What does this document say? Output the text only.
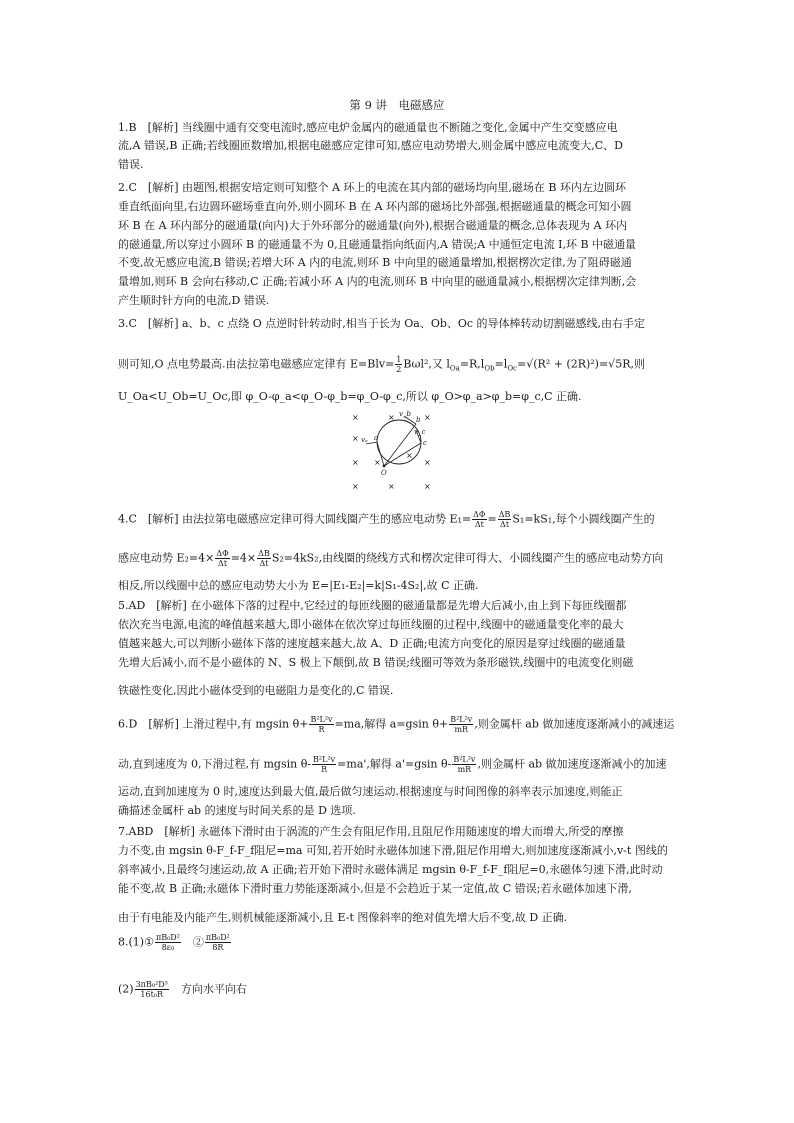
第 9 讲　电磁感应
1.B　[解析] 当线圈中通有交变电流时,感应电炉金属内的磁通量也不断随之变化,金属中产生交变感应电
流,A 错误,B 正确;若线圈匝数增加,根据电磁感应定律可知,感应电动势增大,则金属中感应电流变大,C、D
错误.
2.C　[解析] 由题图,根据安培定则可知整个 A 环上的电流在其内部的磁场均向里,磁场在 B 环内左边圆环
垂直纸面向里,右边圆环磁场垂直向外,则小圆环 B 在 A 环内部的磁场比外部强,根据磁通量的概念可知小圆
环 B 在 A 环内部分的磁通量(向内)大于外环部分的磁通量(向外),根据合磁通量的概念,总体表现为 A 环内
的磁通量,所以穿过小圆环 B 的磁通量不为 0,且磁通量指向纸面内,A 错误;A 中通恒定电流 I,环 B 中磁通量
不变,故无感应电流,B 错误;若增大环 A 内的电流,则环 B 中向里的磁通量增加,根据楞次定律,为了阻碍磁通
量增加,则环 B 会向右移动,C 正确;若减小环 A 内的电流,则环 B 中向里的磁通量减小,根据楞次定律判断,会
产生顺时针方向的电流,D 错误.
3.C　[解析] a、b、c 点绕 O 点逆时针转动时,相当于长为 Oa、Ob、Oc 的导体棒转动切割磁感线,由右手定
则可知,O 点电势最高.由法拉第电磁感应定律有 $E=Blv= \frac{1}{2} B\omega l^2$,又 $l_{Oa}=R,l_{Ob}=l_{Oc}=√(R^2 + (2R)^2)=√5R$,则
U_Oa<U_Ob=U_Oc,即 φ_O-φ_a<φ_O-φ_b=φ_O-φ_c,所以 φ_O>φ_a>φ_b=φ_c,C 正确.
×	×	×
×
× ×
×
×
×	×	×
a
b
c
O
vₐ
v_b
v_c
4.C　[解析] 由法拉第电磁感应定律可得大圆线圈产生的感应电动势 $E_1= \frac{\Delta\Phi}{\Delta t} = \frac{\Delta B}{\Delta t} S_1=kS_1$,每个小圆线圈产生的
感应电动势 $E_2=4\times \frac{\Delta\Phi}{\Delta t} =4\times \frac{\Delta B}{\Delta t} S_2=4kS_2$,由线圈的绕线方式和楞次定律可得大、小圆线圈产生的感应电动势方向
相反,所以线圈中总的感应电动势大小为 E=|E₁-E₂|=k|S₁-4S₂|,故 C 正确.
5.AD　[解析] 在小磁体下落的过程中,它经过的每匝线圈的磁通量都是先增大后减小,由上到下每匝线圈都
依次充当电源,电流的峰值越来越大,即小磁体在依次穿过每匝线圈的过程中,线圈中的磁通量变化率的最大
值越来越大,可以判断小磁体下落的速度越来越大,故 A、D 正确;电流方向变化的原因是穿过线圈的磁通量
先增大后减小,而不是小磁体的 N、S 极上下颠倒,故 B 错误;线圈可等效为条形磁铁,线圈中的电流变化则磁
铁磁性变化,因此小磁体受到的电磁阻力是变化的,C 错误.
6.D　[解析] 上滑过程中,有 mgsin $\theta+ \frac{\text{B²L²v}}{R} =ma$,解得 a=gsin $\theta+ \frac{\text{B²L²v}}{mR}$ ,则金属杆 ab 做加速度逐渐减小的减速运
动,直到速度为 0,下滑过程,有 mgsin $\theta- \frac{\text{B²L²v}}{R} =ma'$,解得 a'=gsin $\theta- \frac{\text{B²L²v}}{mR}$ ,则金属杆 ab 做加速度逐渐减小的加速
运动,直到加速度为 0 时,速度达到最大值,最后做匀速运动.根据速度与时间图像的斜率表示加速度,则能正
确描述金属杆 ab 的速度与时间关系的是 D 选项.
7.ABD　[解析] 永磁体下滑时由于涡流的产生会有阻尼作用,且阻尼作用随速度的增大而增大,所受的摩擦
力不变,由 mgsin θ-F_f-F_f阻尼=ma 可知,若开始时永磁体加速下滑,阻尼作用增大,则加速度逐渐减小,v-t 图线的
斜率减小,且最终匀速运动,故 A 正确;若开始下滑时永磁体满足 mgsin θ-F_f-F_f阻尼=0,永磁体匀速下滑,此时动
能不变,故 B 正确;永磁体下滑时重力势能逐渐减小,但是不会趋近于某一定值,故 C 错误;若永磁体加速下滑,
由于有电能及内能产生,则机械能逐渐减小,且 E-t 图像斜率的绝对值先增大后不变,故 D 正确.
8.(1)① $\frac{\text{πB₀D²}}{\text{8ε₀}}$
　 ② $\frac{\text{πB₀D²}}{8R}$
$(2) \frac{\text{3πB₀²D³}}{\text{16t₀R}}$ 　方向水平向右
